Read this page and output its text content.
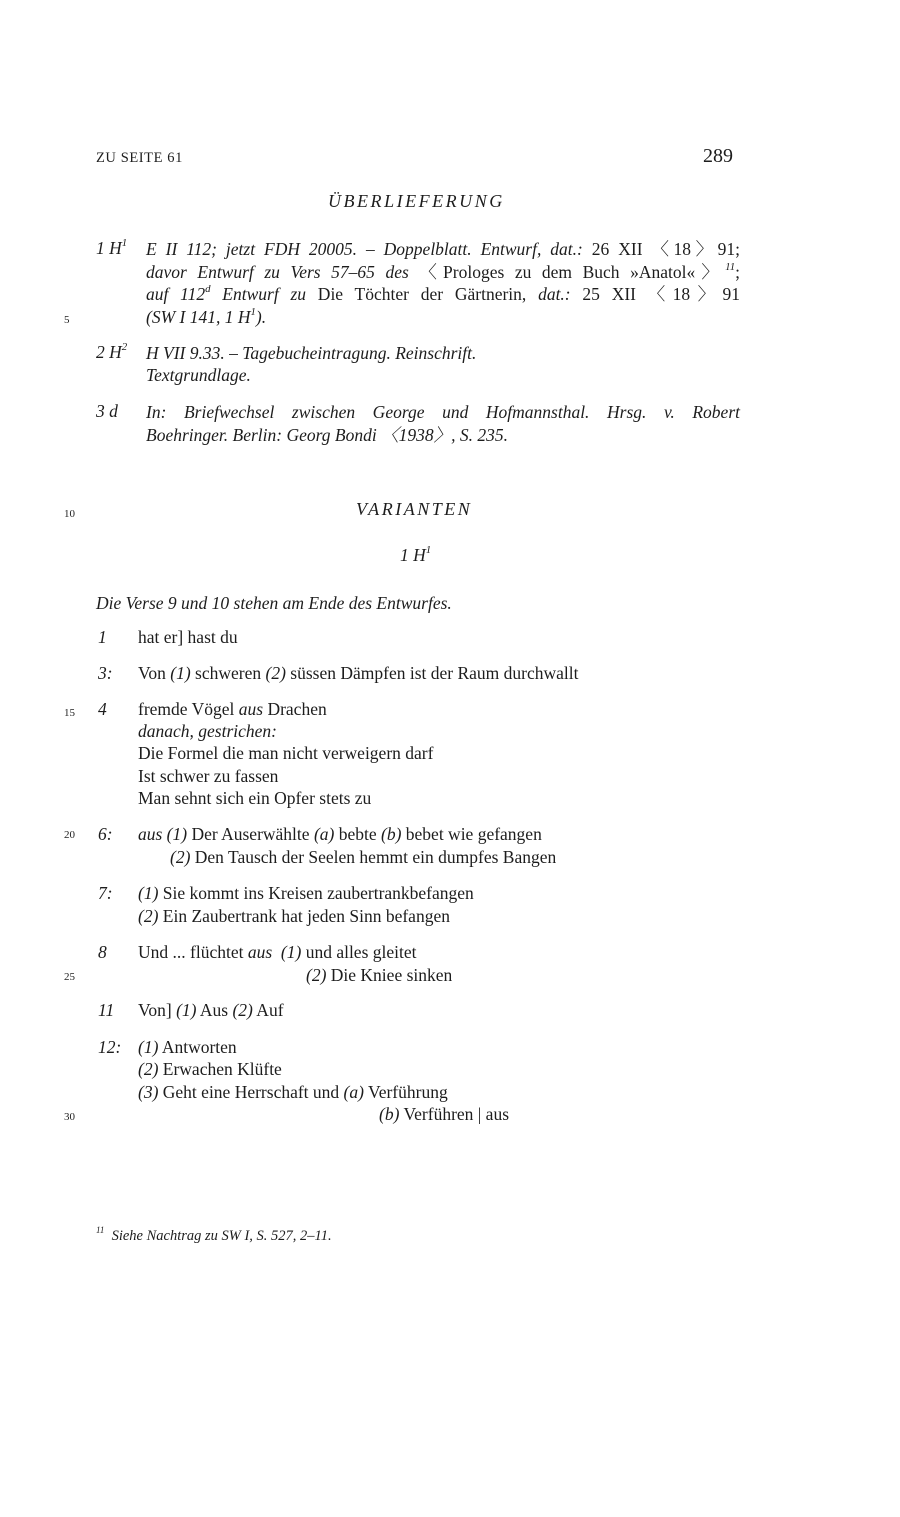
ZU SEITE 61	289
ÜBERLIEFERUNG
1 $H^1$ E II 112; jetzt FDH 20005. – Doppelblatt. Entwurf, dat.: 26 XII 〈18〉91;
davor Entwurf zu Vers 57–65 des 〈Prologes zu dem Buch »Anatol«〉$^{11}$;
auf 112$^d$ Entwurf zu Die Töchter der Gärtnerin, dat.: 25 XII 〈18〉91
(SW I 141, 1 $H^1$).
2 $H^2$ H VII 9.33. – Tagebucheintragung. Reinschrift.
Textgrundlage.
3 d In: Briefwechsel zwischen George und Hofmannsthal. Hrsg. v. Robert
Boehringer. Berlin: Georg Bondi 〈1938〉, S. 235.
VARIANTEN
1 $H^1$
Die Verse 9 und 10 stehen am Ende des Entwurfes.
1 hat er] hast du
3: Von (1) schweren (2) süssen Dämpfen ist der Raum durchwallt
4 fremde Vögel aus Drachen
danach, gestrichen:
Die Formel die man nicht verweigern darf
Ist schwer zu fassen
Man sehnt sich ein Opfer stets zu
6: aus (1) Der Auserwählte (a) bebte (b) bebet wie gefangen
(2) Den Tausch der Seelen hemmt ein dumpfes Bangen
7: (1) Sie kommt ins Kreisen zaubertrankbefangen
(2) Ein Zaubertrank hat jeden Sinn befangen
8 Und ... flüchtet aus (1) und alles gleitet
(2) Die Kniee sinken
11 Von] (1) Aus (2) Auf
12: (1) Antworten
(2) Erwachen Klüfte
(3) Geht eine Herrschaft und (a) Verführung
(b) Verführen | aus
5
10
15
20
25
30
$^{11}$ Siehe Nachtrag zu SW I, S. 527, 2–11.
